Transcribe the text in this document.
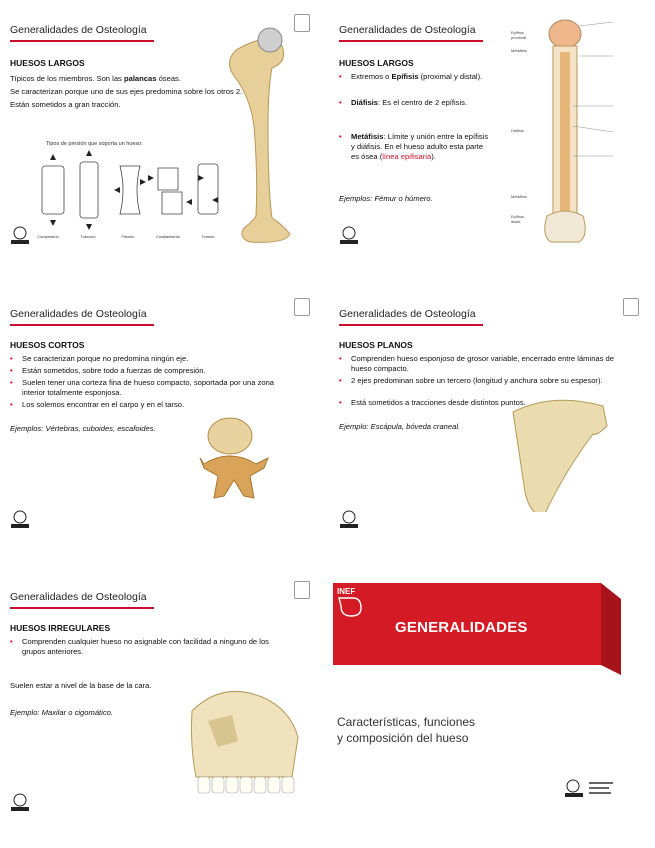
Generalidades de Osteología
HUESOS LARGOS
Típicos de los miembros. Son las palancas óseas.
Se caracterizan porque uno de sus ejes predomina sobre los otros 2.
Están sometidos a gran tracción.
Tipos de presión que soporta un hueso:
Compresión	Tracción	Flexión	Cizallamiento	Torsión
Generalidades de Osteología
HUESOS LARGOS
• Extremos o Epífisis (proximal y distal).
• Diáfisis: Es el centro de 2 epífisis.
• Metáfisis: Límite y unión entre la epífisis y diáfisis. En el hueso adulto esta parte es ósea (línea epifisaria).
Ejemplos: Fémur o húmero.
Epífisis proximal
Metáfisis
Diáfisis
Metáfisis
Epífisis distal
Generalidades de Osteología
HUESOS CORTOS
• Se caracterizan porque no predomina ningún eje.
• Están sometidos, sobre todo a fuerzas de compresión.
• Suelen tener una corteza fina de hueso compacto, soportada por una zona interior totalmente esponjosa.
• Los solemos encontrar en el carpo y en el tarso.
Ejemplos: Vértebras, cuboides, escafoides.
Generalidades de Osteología
HUESOS PLANOS
• Comprenden hueso esponjoso de grosor variable, encerrado entre láminas de hueso compacto.
• 2 ejes predominan sobre un tercero (longitud y anchura sobre su espesor).
• Está sometidos a tracciones desde distintos puntos.
Ejemplo: Escápula, bóveda craneal.
Generalidades de Osteología
HUESOS IRREGULARES
• Comprenden cualquier hueso no asignable con facilidad a ninguno de los grupos anteriores.
Suelen estar a nivel de la base de la cara.
Ejemplo: Maxilar o cigomático.
INEF
GENERALIDADES
Características, funciones
y composición del hueso
